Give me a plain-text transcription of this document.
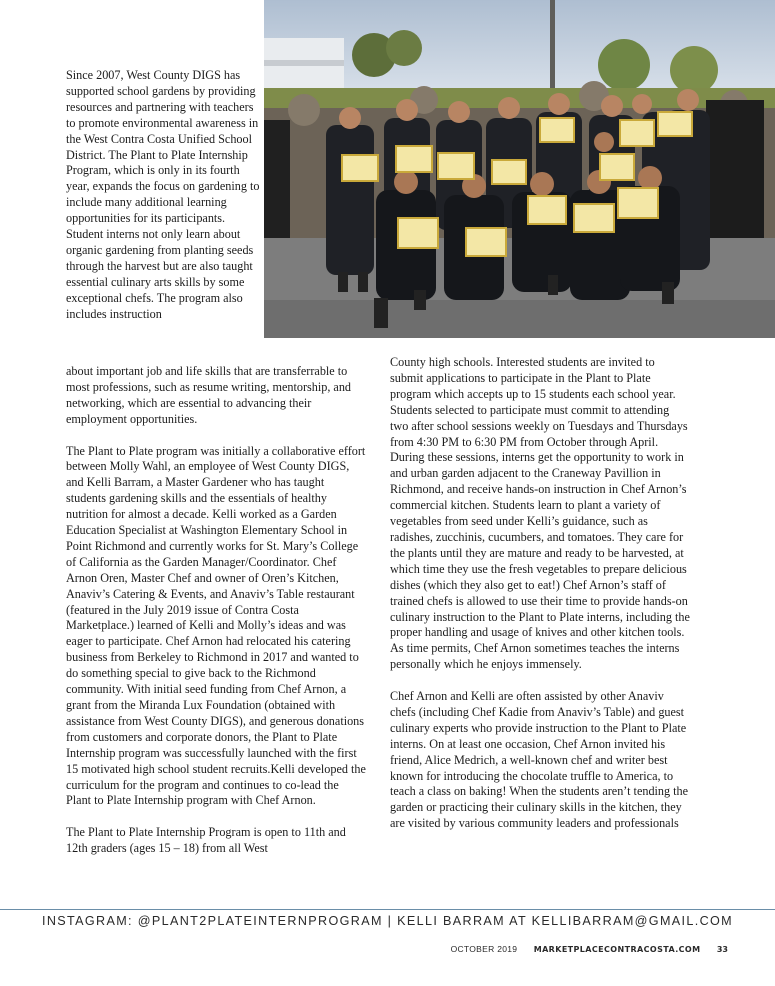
Since 2007, West County DIGS has supported school gardens by providing resources and partnering with teachers to promote environmental awareness in the West Contra Costa Unified School District. The Plant to Plate Internship Program, which is only in its fourth year, expands the focus on gardening to include many additional learning opportunities for its participants. Student interns not only learn about organic gardening from planting seeds through the harvest but are also taught essential culinary arts skills by some exceptional chefs. The program also includes instruction

about important job and life skills that are transferrable to most professions, such as resume writing, mentorship, and networking, which are essential to advancing their employment opportunities.

The Plant to Plate program was initially a collaborative effort between Molly Wahl, an employee of West County DIGS, and Kelli Barram, a Master Gardener who has taught students gardening skills and the essentials of healthy nutrition for almost a decade. Kelli worked as a Garden Education Specialist at Washington Elementary School in Point Richmond and currently works for St. Mary’s College of California as the Garden Manager/Coordinator. Chef Arnon Oren, Master Chef and owner of Oren’s Kitchen, Anaviv’s Catering & Events, and Anaviv’s Table restaurant (featured in the July 2019 issue of Contra Costa Marketplace.) learned of Kelli and Molly’s ideas and was eager to participate. Chef Arnon had relocated his catering business from Berkeley to Richmond in 2017 and wanted to do something special to give back to the Richmond community. With initial seed funding from Chef Arnon, a grant from the Miranda Lux Foundation (obtained with assistance from West County DIGS), and generous donations from customers and corporate donors, the Plant to Plate Internship program was successfully launched with the first 15 motivated high school student recruits.Kelli developed the curriculum for the program and continues to co-lead the Plant to Plate Internship program with Chef Arnon.

The Plant to Plate Internship Program is open to 11th and 12th graders (ages 15 – 18) from all West

County high schools. Interested students are invited to submit applications to participate in the Plant to Plate program which accepts up to 15 students each school year. Students selected to participate must commit to attending two after school sessions weekly on Tuesdays and Thursdays from 4:30 PM to 6:30 PM from October through April. During these sessions, interns get the opportunity to work in and urban garden adjacent to the Craneway Pavillion in Richmond, and receive hands-on instruction in Chef Arnon’s commercial kitchen. Students learn to plant a variety of vegetables from seed under Kelli’s guidance, such as radishes, zucchinis, cucumbers, and tomatoes. They care for the plants until they are mature and ready to be harvested, at which time they use the fresh vegetables to prepare delicious dishes (which they also get to eat!) Chef Arnon’s staff of trained chefs is allowed to use their time to provide hands-on culinary instruction to the Plant to Plate interns, including the proper handling and usage of knives and other kitchen tools. As time permits, Chef Arnon sometimes teaches the interns personally which he enjoys immensely.

Chef Arnon and Kelli are often assisted by other Anaviv chefs (including Chef Kadie from Anaviv’s Table) and guest culinary experts who provide instruction to the Plant to Plate interns. On at least one occasion, Chef Arnon invited his friend, Alice Medrich, a well-known chef and writer best known for introducing the chocolate truffle to America, to teach a class on baking! When the students aren’t tending the garden or practicing their culinary skills in the kitchen, they are visited by various community leaders and professionals

INSTAGRAM: @PLANT2PLATEINTERNPROGRAM | KELLI BARRAM AT KELLIBARRAM@GMAIL.COM
OCTOBER 2019 MARKETPLACECONTRACOSTA.COM 33
